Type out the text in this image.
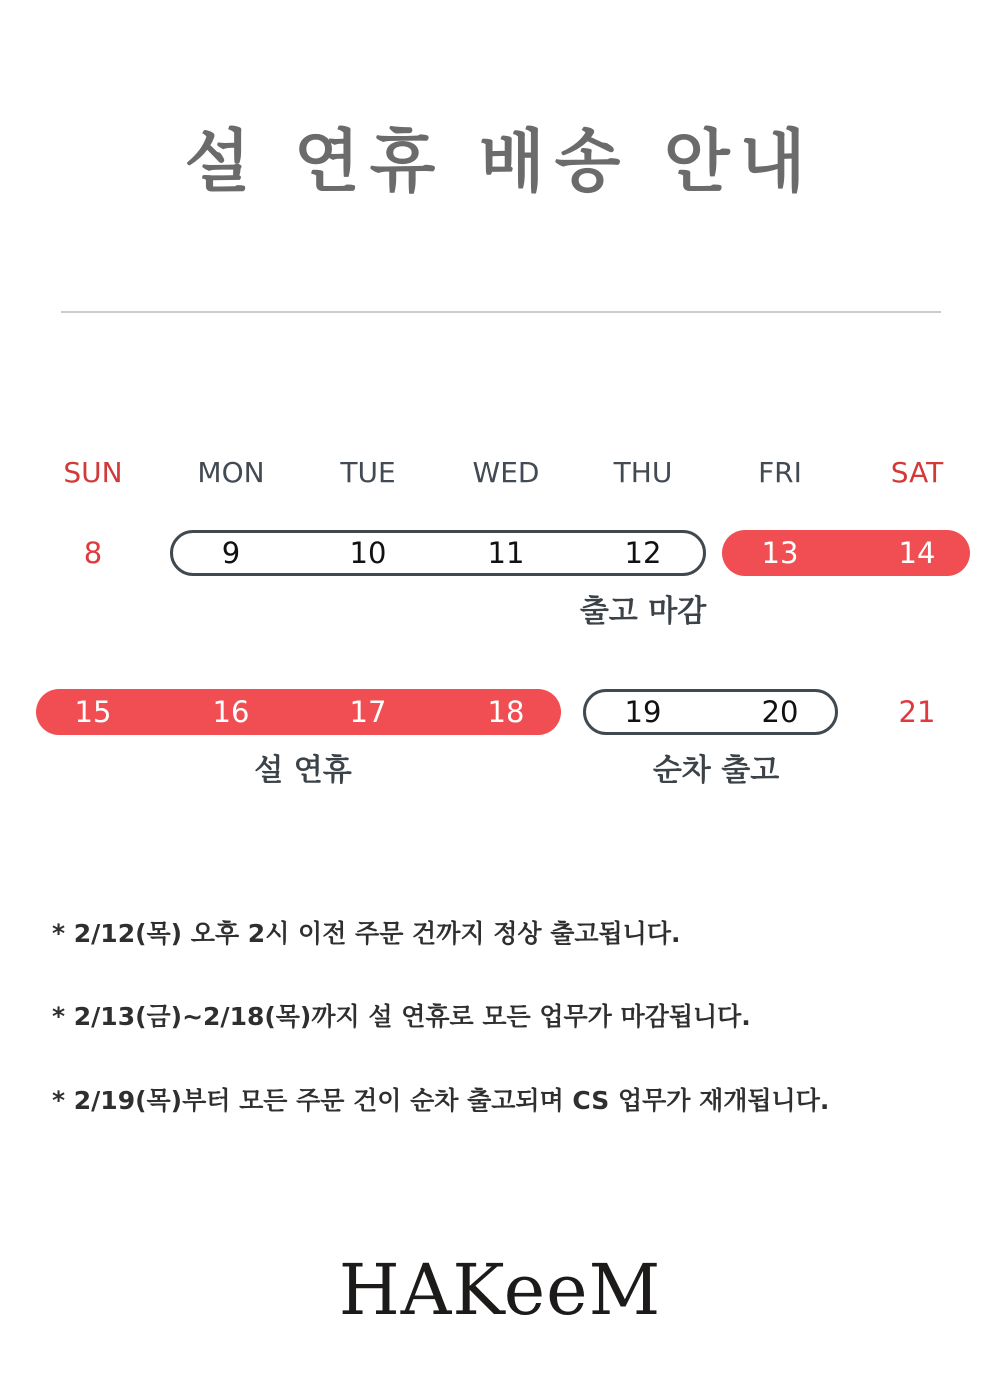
설 연휴 배송 안내
SUN	MON	TUE	WED	THU	FRI	SAT
8	9	10	11	12	13	14
출고 마감
15	16	17	18	19	20	21
설 연휴	순차 출고
* 2/12(목) 오후 2시 이전 주문 건까지 정상 출고됩니다.
* 2/13(금)~2/18(목)까지 설 연휴로 모든 업무가 마감됩니다.
* 2/19(목)부터 모든 주문 건이 순차 출고되며 CS 업무가 재개됩니다.
HAKeeM
